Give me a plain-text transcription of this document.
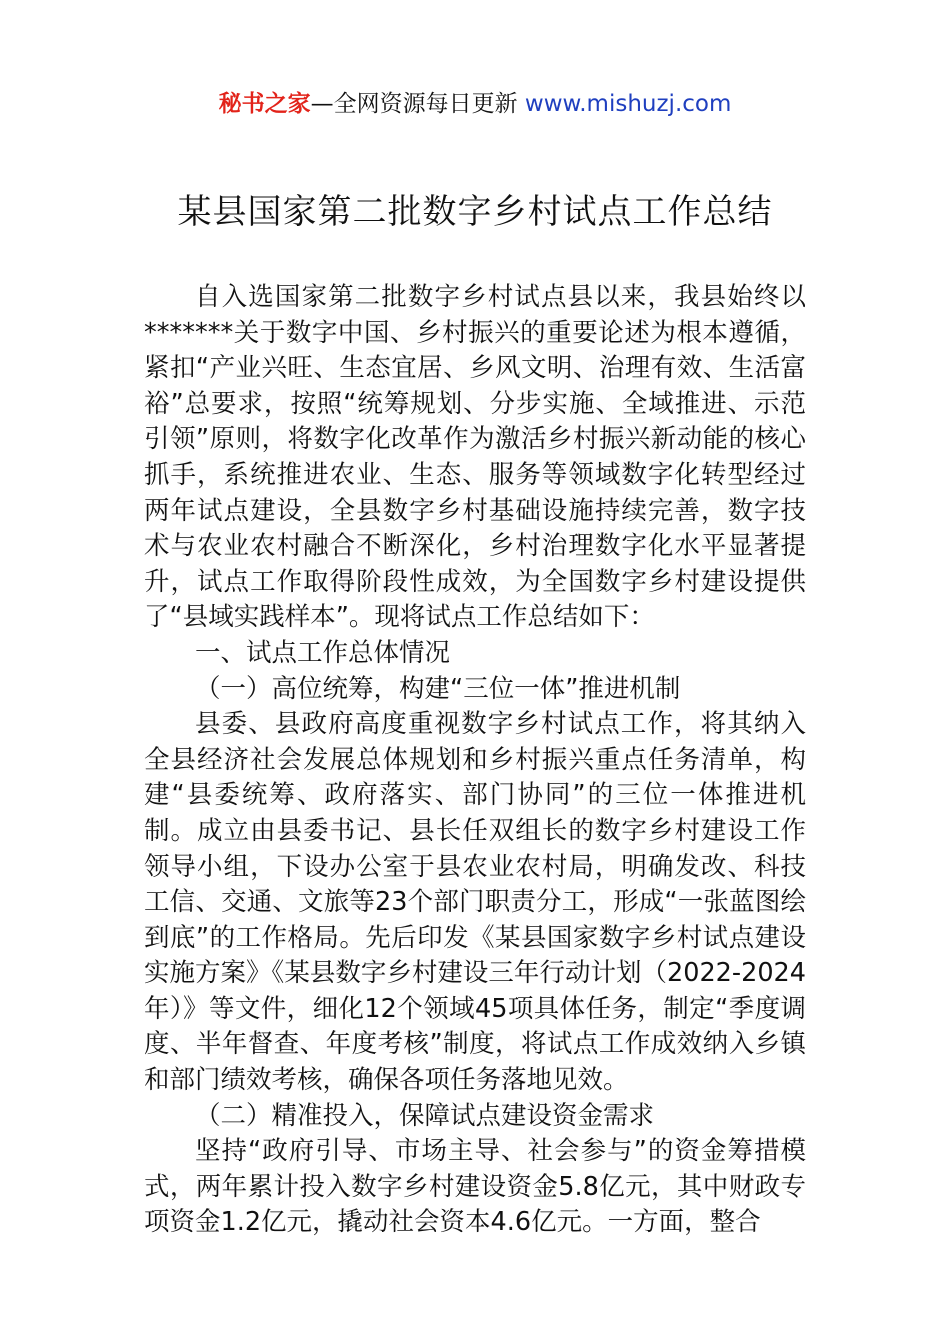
秘书之家—全网资源每日更新 www.mishuzj.com
某县国家第二批数字乡村试点工作总结

自入选国家第二批数字乡村试点县以来，我县始终以*******关于数字中国、乡村振兴的重要论述为根本遵循，紧扣“产业兴旺、生态宜居、乡风文明、治理有效、生活富裕”总要求，按照“统筹规划、分步实施、全域推进、示范引领”原则，将数字化改革作为激活乡村振兴新动能的核心抓手，系统推进农业、生态、服务等领域数字化转型经过两年试点建设，全县数字乡村基础设施持续完善，数字技术与农业农村融合不断深化，乡村治理数字化水平显著提升，试点工作取得阶段性成效，为全国数字乡村建设提供了“县域实践样本”。现将试点工作总结如下：

一、试点工作总体情况

（一）高位统筹，构建“三位一体”推进机制

县委、县政府高度重视数字乡村试点工作，将其纳入全县经济社会发展总体规划和乡村振兴重点任务清单，构建“县委统筹、政府落实、部门协同”的三位一体推进机制。成立由县委书记、县长任双组长的数字乡村建设工作领导小组，下设办公室于县农业农村局，明确发改、科技工信、交通、文旅等23个部门职责分工，形成“一张蓝图绘到底”的工作格局。先后印发《某县国家数字乡村试点建设实施方案》《某县数字乡村建设三年行动计划（2022-2024年）》等文件，细化12个领域45项具体任务，制定“季度调度、半年督查、年度考核”制度，将试点工作成效纳入乡镇和部门绩效考核，确保各项任务落地见效。

（二）精准投入，保障试点建设资金需求

坚持“政府引导、市场主导、社会参与”的资金筹措模式，两年累计投入数字乡村建设资金5.8亿元，其中财政专项资金1.2亿元，撬动社会资本4.6亿元。一方面，整合
